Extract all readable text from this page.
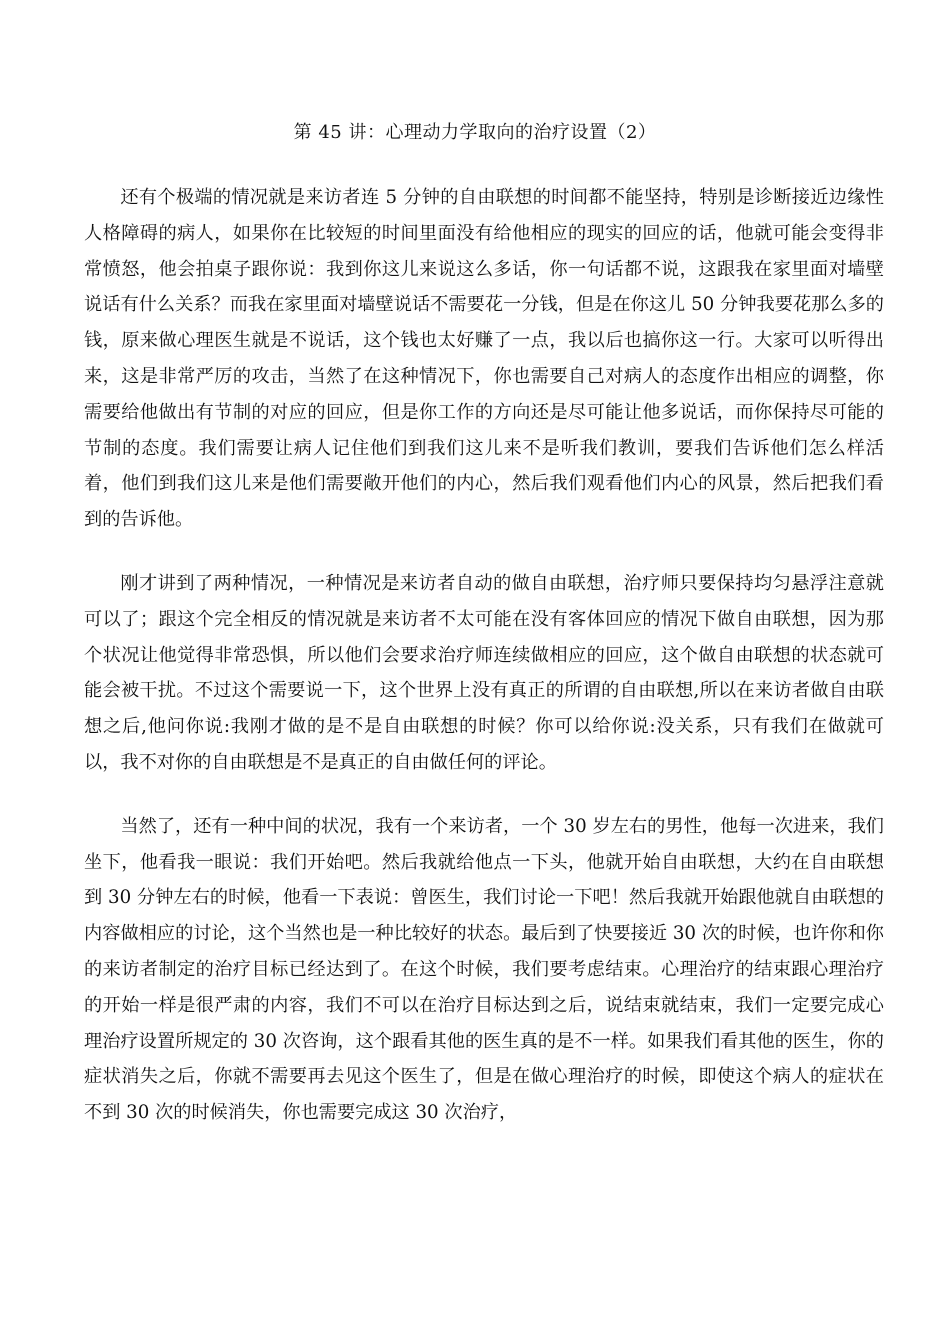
第 45 讲：心理动力学取向的治疗设置（2）

还有个极端的情况就是来访者连 5 分钟的自由联想的时间都不能坚持，特别是诊断接近边缘性人格障碍的病人，如果你在比较短的时间里面没有给他相应的现实的回应的话，他就可能会变得非常愤怒，他会拍桌子跟你说：我到你这儿来说这么多话，你一句话都不说，这跟我在家里面对墙壁说话有什么关系？而我在家里面对墙壁说话不需要花一分钱，但是在你这儿 50 分钟我要花那么多的钱，原来做心理医生就是不说话，这个钱也太好赚了一点，我以后也搞你这一行。大家可以听得出来，这是非常严厉的攻击，当然了在这种情况下，你也需要自己对病人的态度作出相应的调整，你需要给他做出有节制的对应的回应，但是你工作的方向还是尽可能让他多说话，而你保持尽可能的节制的态度。我们需要让病人记住他们到我们这儿来不是听我们教训，要我们告诉他们怎么样活着，他们到我们这儿来是他们需要敞开他们的内心，然后我们观看他们内心的风景，然后把我们看到的告诉他。

刚才讲到了两种情况，一种情况是来访者自动的做自由联想，治疗师只要保持均匀悬浮注意就可以了；跟这个完全相反的情况就是来访者不太可能在没有客体回应的情况下做自由联想，因为那个状况让他觉得非常恐惧，所以他们会要求治疗师连续做相应的回应，这个做自由联想的状态就可能会被干扰。不过这个需要说一下，这个世界上没有真正的所谓的自由联想,所以在来访者做自由联想之后,他问你说:我刚才做的是不是自由联想的时候？你可以给你说:没关系，只有我们在做就可以，我不对你的自由联想是不是真正的自由做任何的评论。

当然了，还有一种中间的状况，我有一个来访者，一个 30 岁左右的男性，他每一次进来，我们坐下，他看我一眼说：我们开始吧。然后我就给他点一下头，他就开始自由联想，大约在自由联想到 30 分钟左右的时候，他看一下表说：曾医生，我们讨论一下吧！然后我就开始跟他就自由联想的内容做相应的讨论，这个当然也是一种比较好的状态。最后到了快要接近 30 次的时候，也许你和你的来访者制定的治疗目标已经达到了。在这个时候，我们要考虑结束。心理治疗的结束跟心理治疗的开始一样是很严肃的内容，我们不可以在治疗目标达到之后，说结束就结束，我们一定要完成心理治疗设置所规定的 30 次咨询，这个跟看其他的医生真的是不一样。如果我们看其他的医生，你的症状消失之后，你就不需要再去见这个医生了，但是在做心理治疗的时候，即使这个病人的症状在不到 30 次的时候消失，你也需要完成这 30 次治疗，
